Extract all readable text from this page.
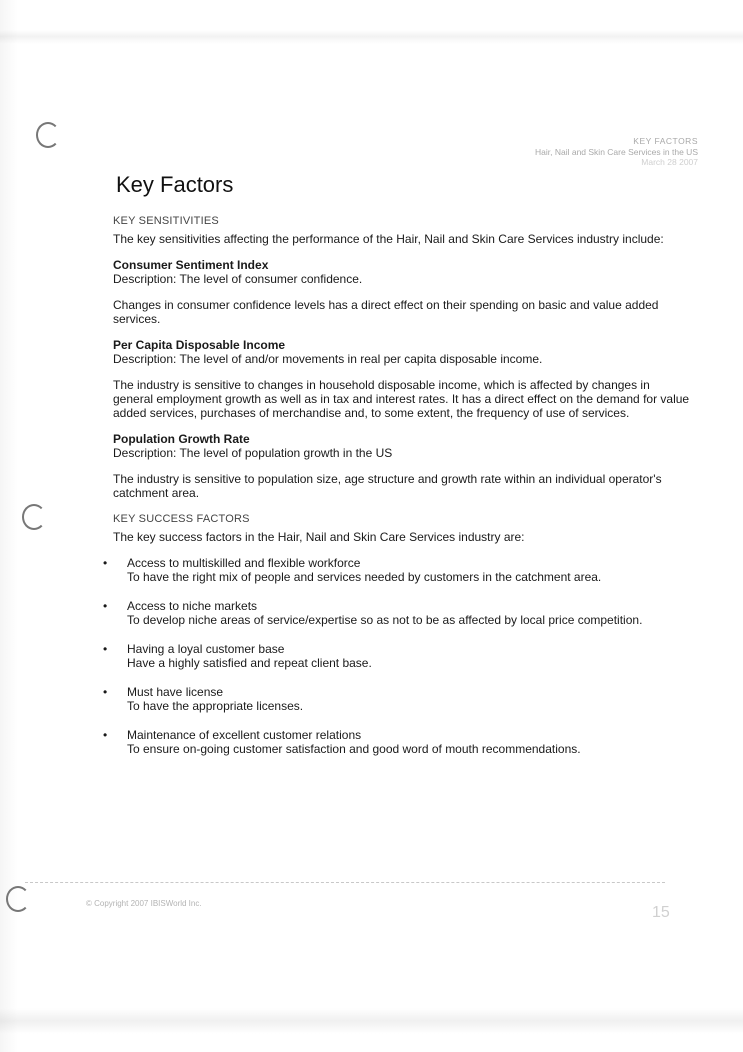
KEY FACTORS
Hair, Nail and Skin Care Services in the US
March 28 2007
Key Factors
KEY SENSITIVITIES

The key sensitivities affecting the performance of the Hair, Nail and Skin Care Services industry include:

Consumer Sentiment Index

Description: The level of consumer confidence.

Changes in consumer confidence levels has a direct effect on their spending on basic and value added services.

Per Capita Disposable Income

Description: The level of and/or movements in real per capita disposable income.

The industry is sensitive to changes in household disposable income, which is affected by changes in general employment growth as well as in tax and interest rates. It has a direct effect on the demand for value added services, purchases of merchandise and, to some extent, the frequency of use of services.

Population Growth Rate

Description: The level of population growth in the US

The industry is sensitive to population size, age structure and growth rate within an individual operator's catchment area.

KEY SUCCESS FACTORS

The key success factors in the Hair, Nail and Skin Care Services industry are:

• Access to multiskilled and flexible workforce
To have the right mix of people and services needed by customers in the catchment area.
• Access to niche markets
To develop niche areas of service/expertise so as not to be as affected by local price competition.
• Having a loyal customer base
Have a highly satisfied and repeat client base.
• Must have license
To have the appropriate licenses.
• Maintenance of excellent customer relations
To ensure on-going customer satisfaction and good word of mouth recommendations.
© Copyright 2007 IBISWorld Inc.
15
